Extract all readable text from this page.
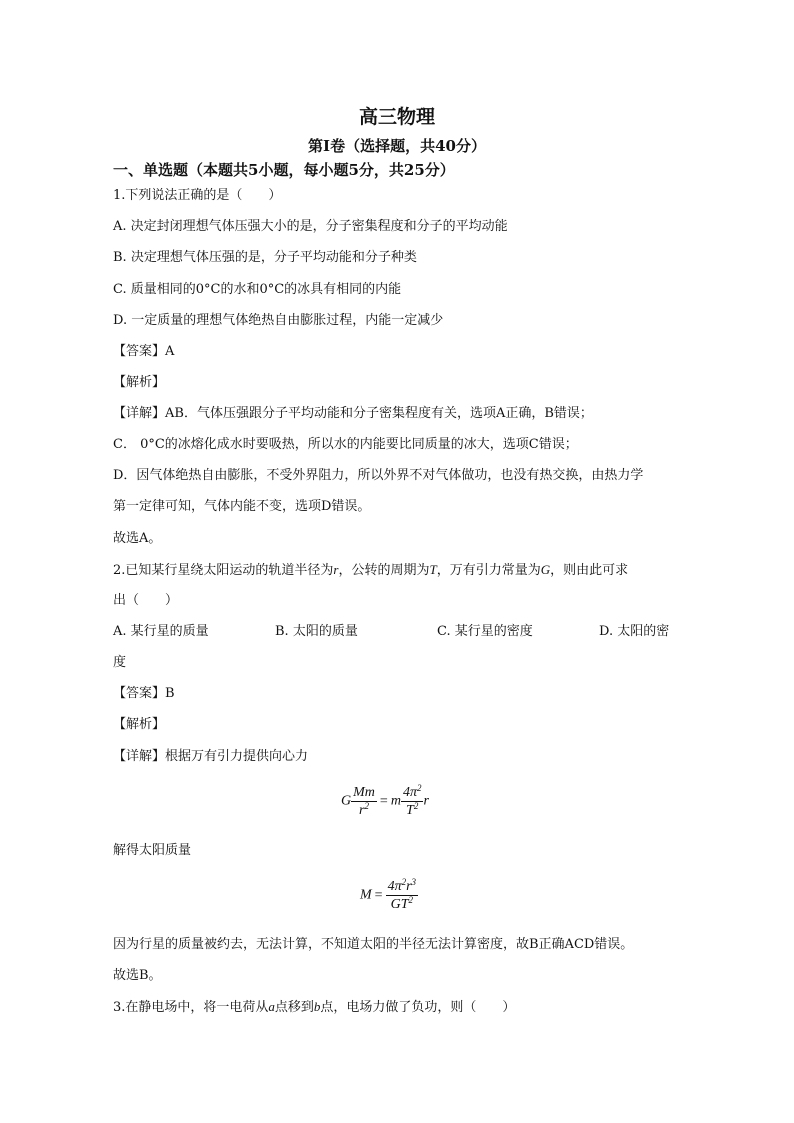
高三物理
第I卷（选择题，共40分）
一、单选题（本题共5小题，每小题5分，共25分）
1.下列说法正确的是（　　）
A. 决定封闭理想气体压强大小的是，分子密集程度和分子的平均动能
B. 决定理想气体压强的是，分子平均动能和分子种类
C. 质量相同的0°C的水和0°C的冰具有相同的内能
D. 一定质量的理想气体绝热自由膨胀过程，内能一定减少
【答案】A
【解析】
【详解】AB．气体压强跟分子平均动能和分子密集程度有关，选项A正确，B错误；
C． 0°C的冰熔化成水时要吸热，所以水的内能要比同质量的冰大，选项C错误；
D．因气体绝热自由膨胀，不受外界阻力，所以外界不对气体做功，也没有热交换，由热力学
第一定律可知，气体内能不变，选项D错误。
故选A。
2.已知某行星绕太阳运动的轨道半径为r，公转的周期为T，万有引力常量为G，则由此可求
出（　　）
A. 某行星的质量	B. 太阳的质量	C. 某行星的密度	D. 太阳的密
度
【答案】B
【解析】
【详解】根据万有引力提供向心力
G $\frac{Mm}{r^2} = m \frac{4\pi^2}{T^2}$ r
解得太阳质量
$M = \frac{4\pi^2r^3}{GT^2}$
因为行星的质量被约去，无法计算，不知道太阳的半径无法计算密度，故B正确ACD错误。
故选B。
3.在静电场中，将一电荷从a点移到b点，电场力做了负功，则（　　）
